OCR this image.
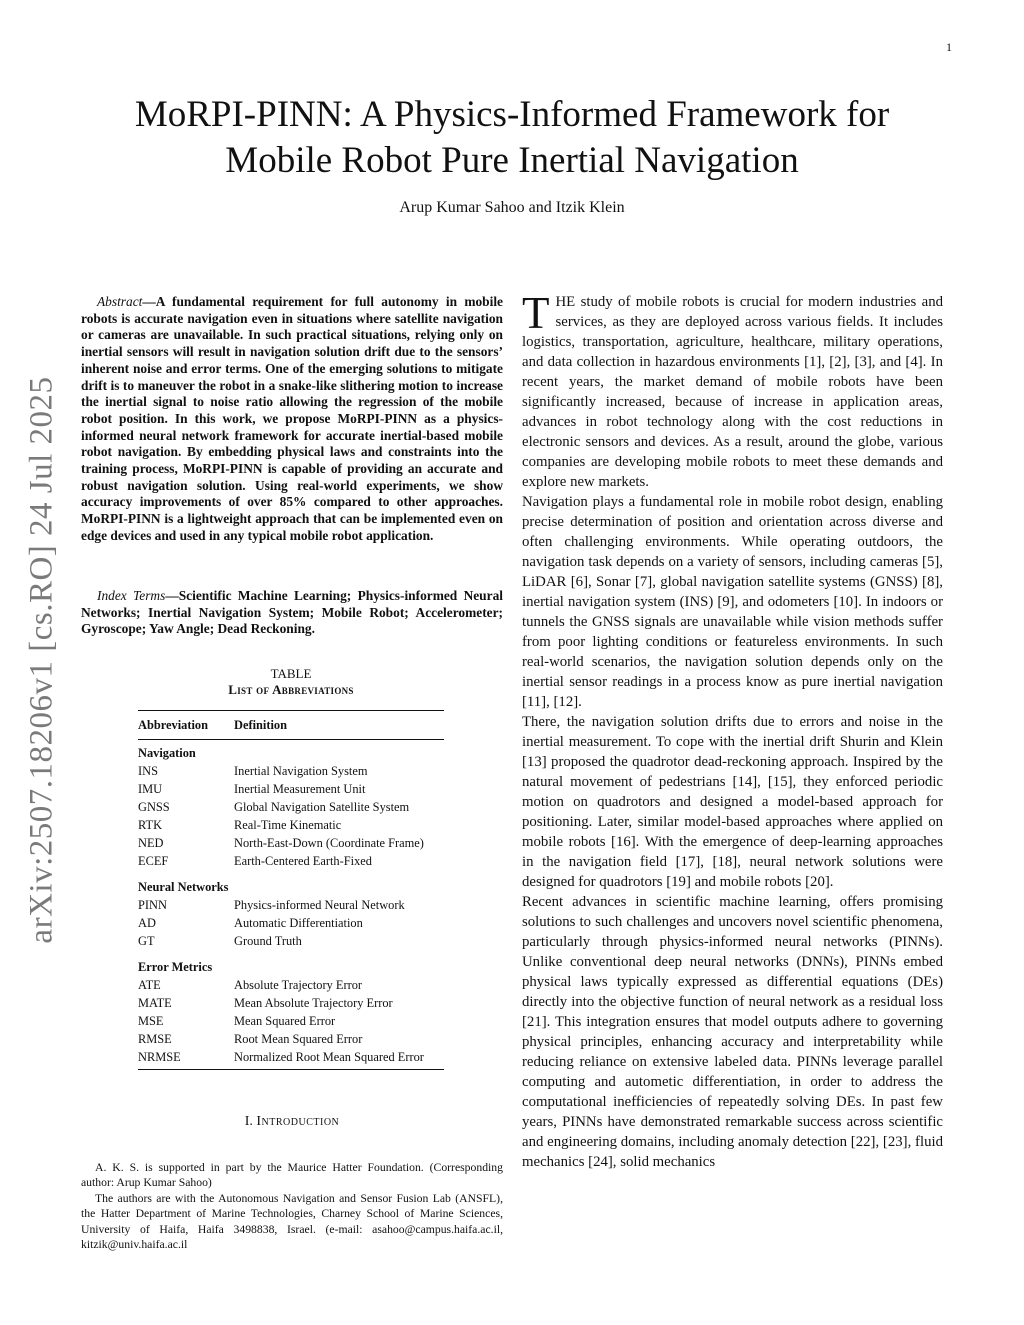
1
arXiv:2507.18206v1 [cs.RO] 24 Jul 2025
MoRPI-PINN: A Physics-Informed Framework for
Mobile Robot Pure Inertial Navigation
Arup Kumar Sahoo and Itzik Klein
Abstract—A fundamental requirement for full autonomy in mobile robots is accurate navigation even in situations where satellite navigation or cameras are unavailable. In such practical situations, relying only on inertial sensors will result in navigation solution drift due to the sensors’ inherent noise and error terms. One of the emerging solutions to mitigate drift is to maneuver the robot in a snake-like slithering motion to increase the inertial signal to noise ratio allowing the regression of the mobile robot position. In this work, we propose MoRPI-PINN as a physics-informed neural network framework for accurate inertial-based mobile robot navigation. By embedding physical laws and constraints into the training process, MoRPI-PINN is capable of providing an accurate and robust navigation solution. Using real-world experiments, we show accuracy improvements of over 85% compared to other approaches. MoRPI-PINN is a lightweight approach that can be implemented even on edge devices and used in any typical mobile robot application.
Index Terms—Scientific Machine Learning; Physics-informed Neural Networks; Inertial Navigation System; Mobile Robot; Accelerometer; Gyroscope; Yaw Angle; Dead Reckoning.
TABLE
List of Abbreviations
Abbreviation	Definition
Navigation
INS	Inertial Navigation System
IMU	Inertial Measurement Unit
GNSS	Global Navigation Satellite System
RTK	Real-Time Kinematic
NED	North-East-Down (Coordinate Frame)
ECEF	Earth-Centered Earth-Fixed
Neural Networks
PINN	Physics-informed Neural Network
AD	Automatic Differentiation
GT	Ground Truth
Error Metrics
ATE	Absolute Trajectory Error
MATE	Mean Absolute Trajectory Error
MSE	Mean Squared Error
RMSE	Root Mean Squared Error
NRMSE	Normalized Root Mean Squared Error
I. Introduction

A. K. S. is supported in part by the Maurice Hatter Foundation. (Corresponding author: Arup Kumar Sahoo)

The authors are with the Autonomous Navigation and Sensor Fusion Lab (ANSFL), the Hatter Department of Marine Technologies, Charney School of Marine Sciences, University of Haifa, Haifa 3498838, Israel. (e-mail: asahoo@campus.haifa.ac.il, kitzik@univ.haifa.ac.il

THE study of mobile robots is crucial for modern industries and services, as they are deployed across various fields. It includes logistics, transportation, agriculture, healthcare, military operations, and data collection in hazardous environments [1], [2], [3], and [4]. In recent years, the market demand of mobile robots have been significantly increased, because of increase in application areas, advances in robot technology along with the cost reductions in electronic sensors and devices. As a result, around the globe, various companies are developing mobile robots to meet these demands and explore new markets.

Navigation plays a fundamental role in mobile robot design, enabling precise determination of position and orientation across diverse and often challenging environments. While operating outdoors, the navigation task depends on a variety of sensors, including cameras [5], LiDAR [6], Sonar [7], global navigation satellite systems (GNSS) [8], inertial navigation system (INS) [9], and odometers [10]. In indoors or tunnels the GNSS signals are unavailable while vision methods suffer from poor lighting conditions or featureless environments. In such real-world scenarios, the navigation solution depends only on the inertial sensor readings in a process know as pure inertial navigation [11], [12].

There, the navigation solution drifts due to errors and noise in the inertial measurement. To cope with the inertial drift Shurin and Klein [13] proposed the quadrotor dead-reckoning approach. Inspired by the natural movement of pedestrians [14], [15], they enforced periodic motion on quadrotors and designed a model-based approach for positioning. Later, similar model-based approaches where applied on mobile robots [16]. With the emergence of deep-learning approaches in the navigation field [17], [18], neural network solutions were designed for quadrotors [19] and mobile robots [20].

Recent advances in scientific machine learning, offers promising solutions to such challenges and uncovers novel scientific phenomena, particularly through physics-informed neural networks (PINNs). Unlike conventional deep neural networks (DNNs), PINNs embed physical laws typically expressed as differential equations (DEs) directly into the objective function of neural network as a residual loss [21]. This integration ensures that model outputs adhere to governing physical principles, enhancing accuracy and interpretability while reducing reliance on extensive labeled data. PINNs leverage parallel computing and autometic differentiation, in order to address the computational inefficiencies of repeatedly solving DEs. In past few years, PINNs have demonstrated remarkable success across scientific and engineering domains, including anomaly detection [22], [23], fluid mechanics [24], solid mechanics
